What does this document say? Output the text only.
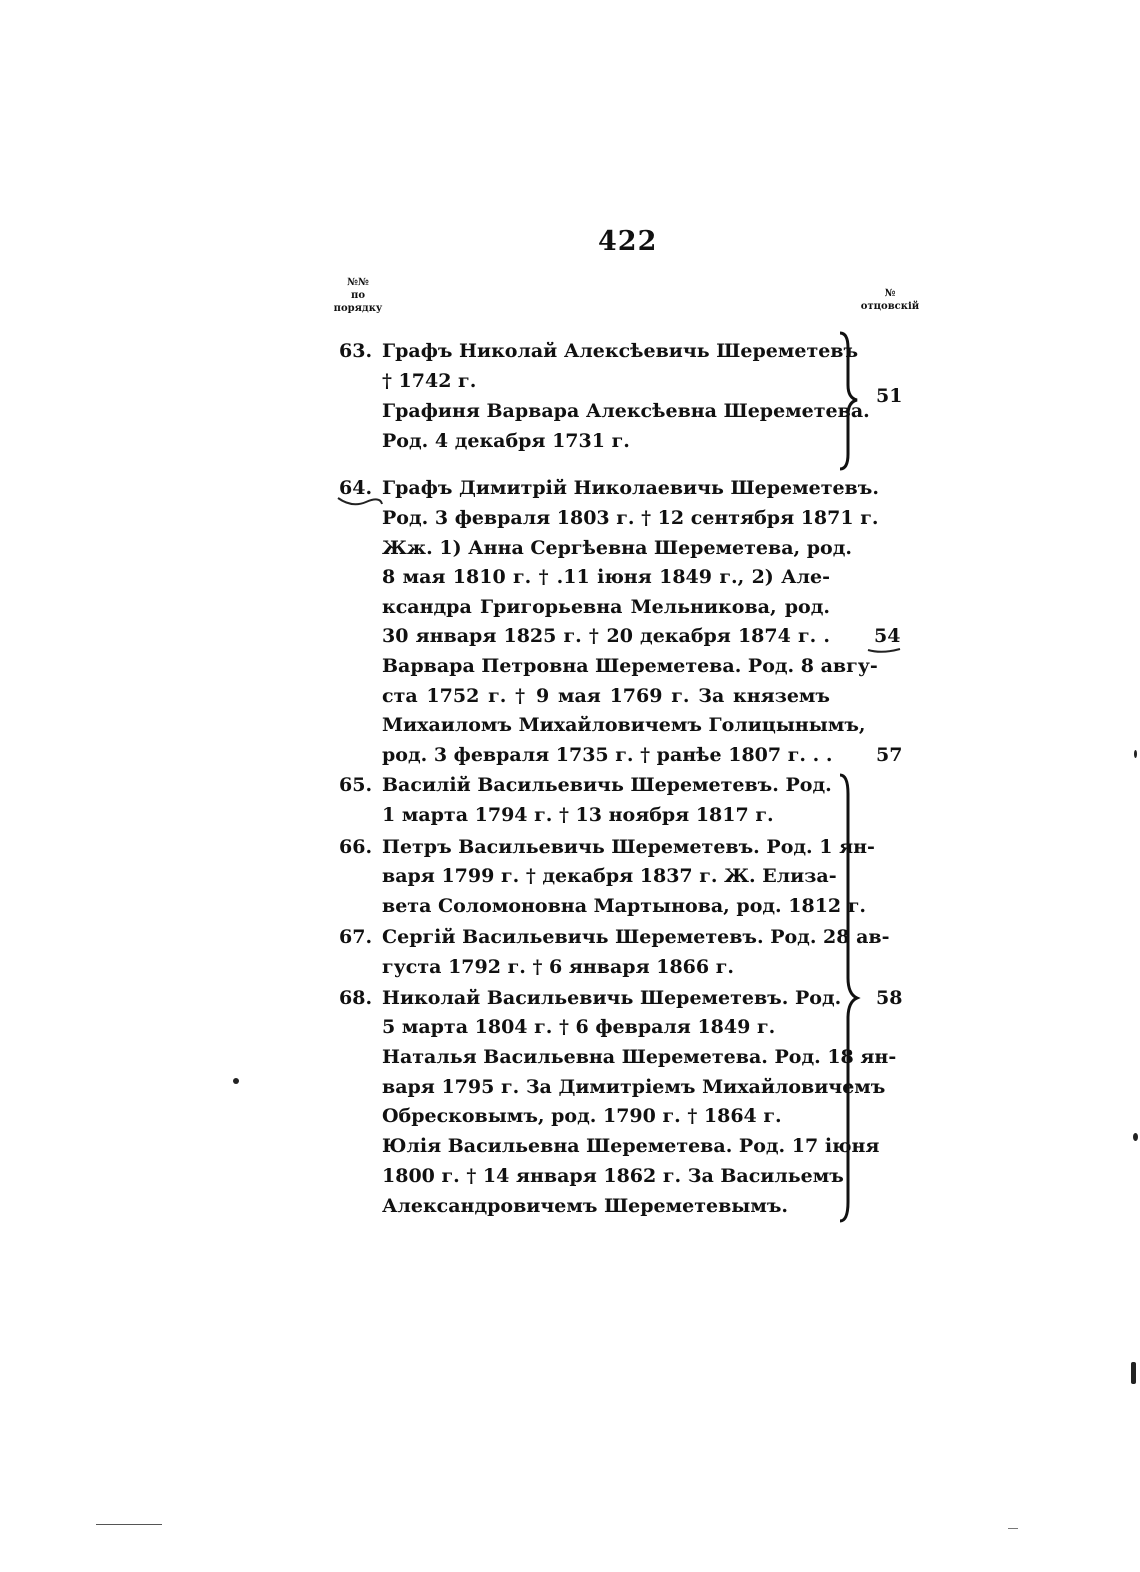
422
№№
по
порядку
№
отцовскій
63. Графъ Николай Алексѣевичь Шереметевъ
† 1742 г.
Графиня Варвара Алексѣевна Шереметева.
Род. 4 декабря 1731 г.
64. Графъ Димитрій Николаевичь Шереметевъ.
Род. 3 февраля 1803 г. † 12 сентября 1871 г.
Жж. 1) Анна Сергѣевна Шереметева, род.
8 мая 1810 г. † .11 іюня 1849 г., 2) Але-
ксандра Григорьевна Мельникова, род.
30 января 1825 г. † 20 декабря 1874 г. .
Варвара Петровна Шереметева. Род. 8 авгу-
ста 1752 г. † 9 мая 1769 г. За княземъ
Михаиломъ Михайловичемъ Голицынымъ,
род. 3 февраля 1735 г. † ранѣе 1807 г. . .
65. Василій Васильевичь Шереметевъ. Род.
1 марта 1794 г. † 13 ноября 1817 г.
66. Петръ Васильевичь Шереметевъ. Род. 1 ян-
варя 1799 г. † декабря 1837 г. Ж. Елиза-
вета Соломоновна Мартынова, род. 1812 г.
67. Сергій Васильевичь Шереметевъ. Род. 28 ав-
густа 1792 г. † 6 января 1866 г.
68. Николай Васильевичь Шереметевъ. Род.
5 марта 1804 г. † 6 февраля 1849 г.
Наталья Васильевна Шереметева. Род. 18 ян-
варя 1795 г. За Димитріемъ Михайловичемъ
Обресковымъ, род. 1790 г. † 1864 г.
Юлія Васильевна Шереметева. Род. 17 іюня
1800 г. † 14 января 1862 г. За Васильемъ
Александровичемъ Шереметевымъ.
51
54
57
58
